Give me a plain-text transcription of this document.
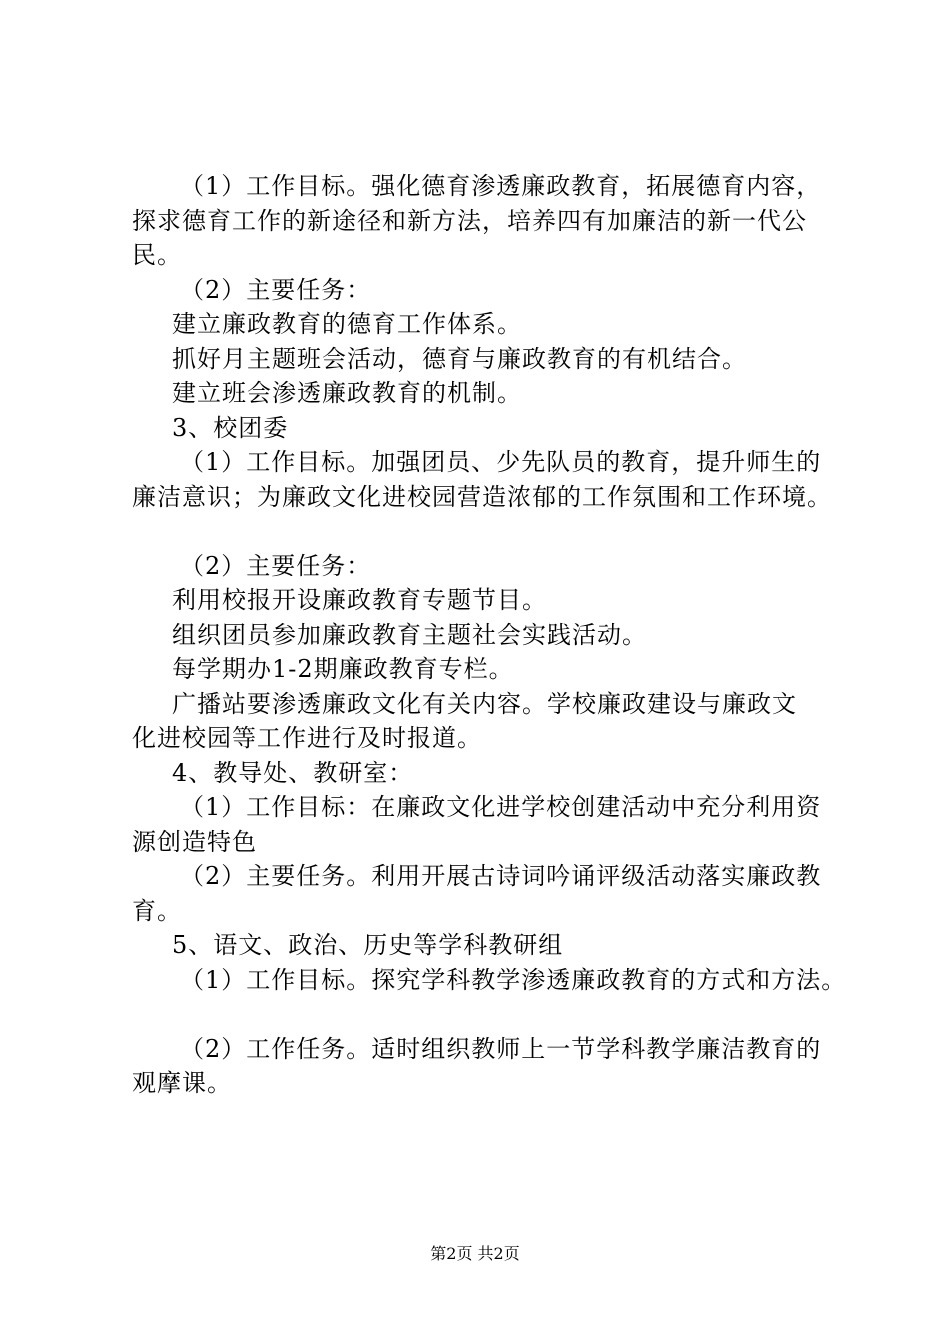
（1）工作目标。强化德育渗透廉政教育，拓展德育内容，
探求德育工作的新途径和新方法，培养四有加廉洁的新一代公
民。
（2）主要任务：
建立廉政教育的德育工作体系。
抓好月主题班会活动，德育与廉政教育的有机结合。
建立班会渗透廉政教育的机制。
3、校团委
（1）工作目标。加强团员、少先队员的教育，提升师生的
廉洁意识；为廉政文化进校园营造浓郁的工作氛围和工作环境。
（2）主要任务：
利用校报开设廉政教育专题节目。
组织团员参加廉政教育主题社会实践活动。
每学期办1-2期廉政教育专栏。
广播站要渗透廉政文化有关内容。学校廉政建设与廉政文
化进校园等工作进行及时报道。
4、教导处、教研室：
（1）工作目标：在廉政文化进学校创建活动中充分利用资
源创造特色
（2）主要任务。利用开展古诗词吟诵评级活动落实廉政教
育。
5、语文、政治、历史等学科教研组
（1）工作目标。探究学科教学渗透廉政教育的方式和方法。
（2）工作任务。适时组织教师上一节学科教学廉洁教育的
观摩课。
第2页 共2页
